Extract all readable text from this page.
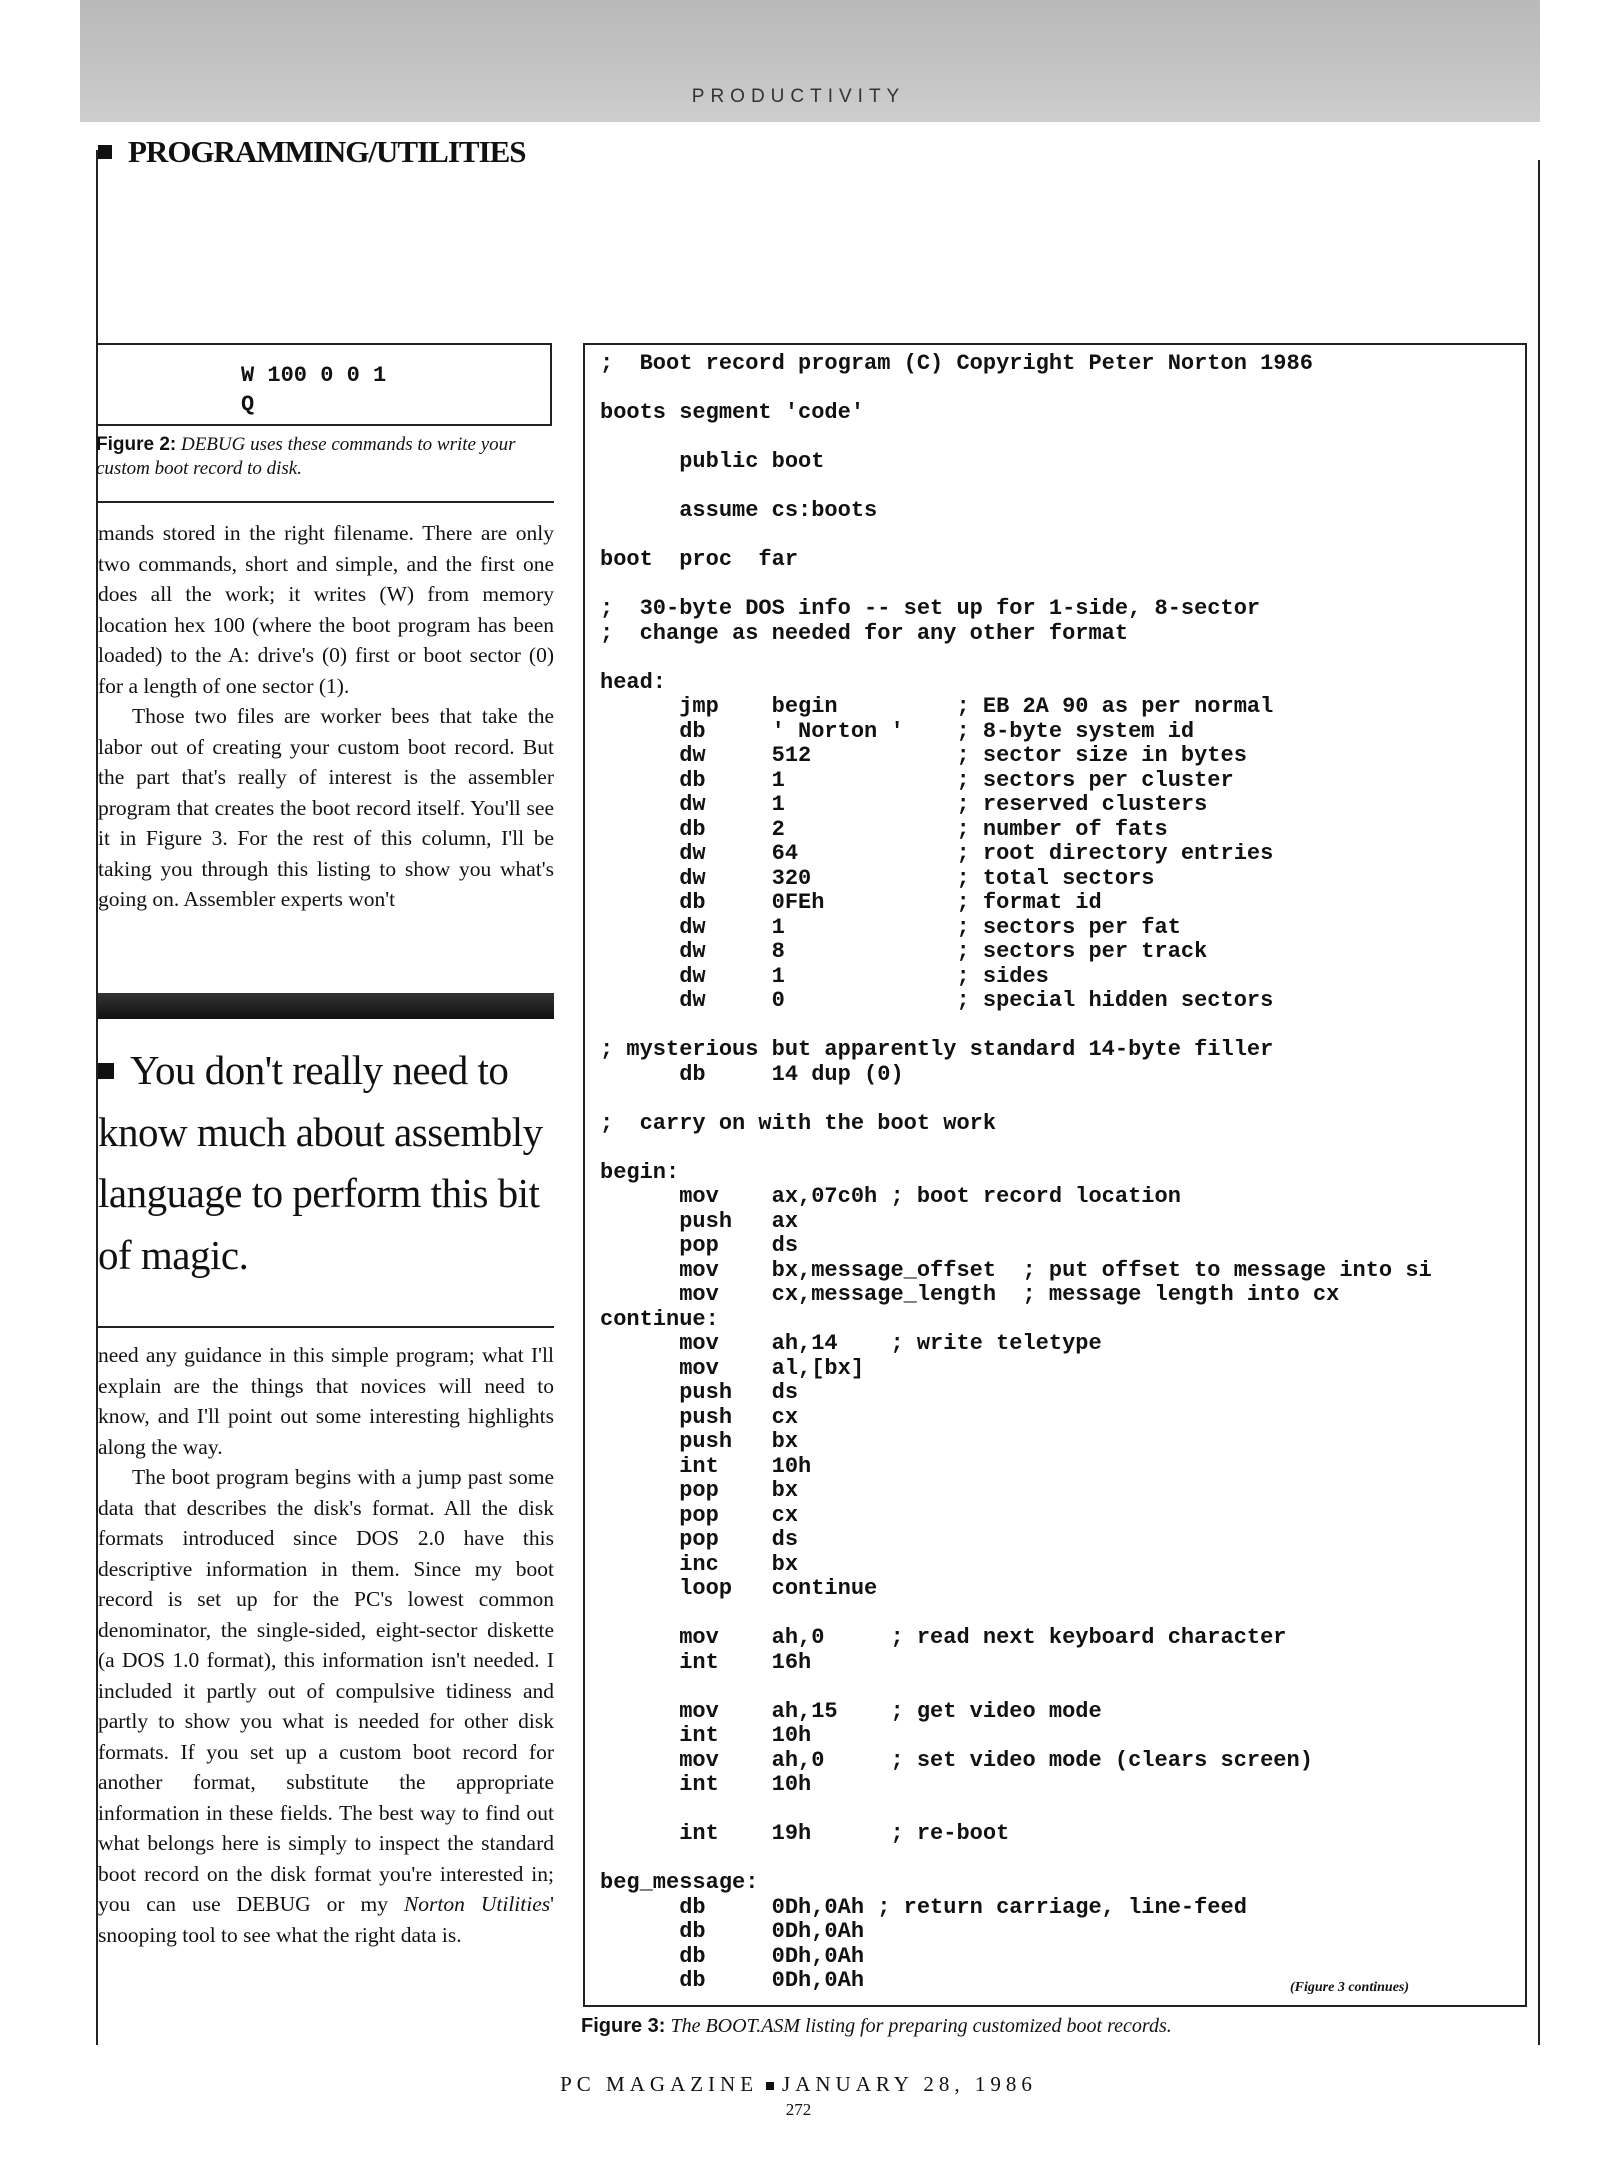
PRODUCTIVITY
PROGRAMMING/UTILITIES
W 100 0 0 1
Q
Figure 2: DEBUG uses these commands to write your custom boot record to disk.

mands stored in the right filename. There are only two commands, short and simple, and the first one does all the work; it writes (W) from memory location hex 100 (where the boot program has been loaded) to the A: drive's (0) first or boot sector (0) for a length of one sector (1).

Those two files are worker bees that take the labor out of creating your custom boot record. But the part that's really of interest is the assembler program that creates the boot record itself. You'll see it in Figure 3. For the rest of this column, I'll be taking you through this listing to show you what's going on. Assembler experts won't

You don't really need to know much about assembly language to perform this bit of magic.

need any guidance in this simple program; what I'll explain are the things that novices will need to know, and I'll point out some interesting highlights along the way.

The boot program begins with a jump past some data that describes the disk's format. All the disk formats introduced since DOS 2.0 have this descriptive information in them. Since my boot record is set up for the PC's lowest common denominator, the single-sided, eight-sector diskette (a DOS 1.0 format), this information isn't needed. I included it partly out of compulsive tidiness and partly to show you what is needed for other disk formats. If you set up a custom boot record for another format, substitute the appropriate information in these fields. The best way to find out what belongs here is simply to inspect the standard boot record on the disk format you're interested in; you can use DEBUG or my Norton Utilities' snooping tool to see what the right data is.

;  Boot record program (C) Copyright Peter Norton 1986

boots segment 'code'

public boot

assume cs:boots

boot  proc  far

;  30-byte DOS info -- set up for 1-side, 8-sector
;  change as needed for any other format

head:
jmp    begin         ; EB 2A 90 as per normal
db     ' Norton '    ; 8-byte system id
dw     512           ; sector size in bytes
db     1             ; sectors per cluster
dw     1             ; reserved clusters
db     2             ; number of fats
dw     64            ; root directory entries
dw     320           ; total sectors
db     0FEh          ; format id
dw     1             ; sectors per fat
dw     8             ; sectors per track
dw     1             ; sides
dw     0             ; special hidden sectors

; mysterious but apparently standard 14-byte filler
db     14 dup (0)

;  carry on with the boot work

begin:
mov    ax,07c0h ; boot record location
push   ax
pop    ds
mov    bx,message_offset  ; put offset to message into si
mov    cx,message_length  ; message length into cx
continue:
mov    ah,14    ; write teletype
mov    al,[bx]
push   ds
push   cx
push   bx
int    10h
pop    bx
pop    cx
pop    ds
inc    bx
loop   continue

mov    ah,0     ; read next keyboard character
int    16h

mov    ah,15    ; get video mode
int    10h
mov    ah,0     ; set video mode (clears screen)
int    10h

int    19h      ; re-boot

beg_message:
db     0Dh,0Ah ; return carriage, line-feed
db     0Dh,0Ah
db     0Dh,0Ah
db     0Dh,0Ah	(Figure 3 continues)
Figure 3: The BOOT.ASM listing for preparing customized boot records.
PC MAGAZINE JANUARY 28, 1986
272
